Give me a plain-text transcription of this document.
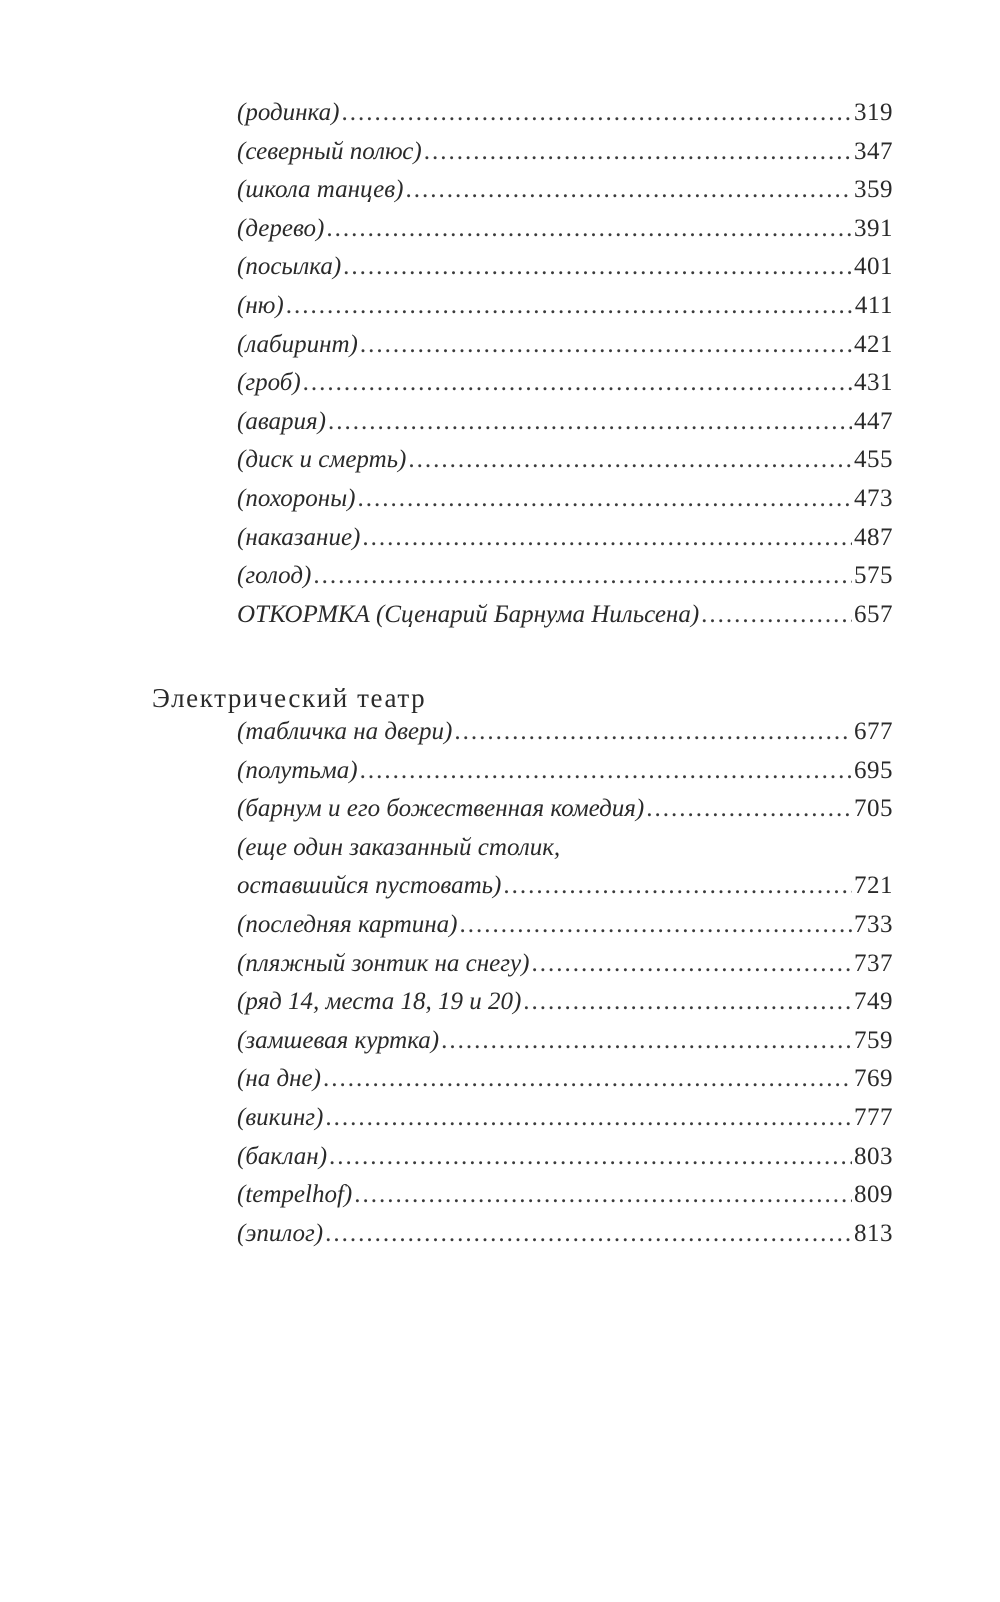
(родинка) .....	319
(северный полюс) .....	347
(школа танцев) .....	359
(дерево) .....	391
(посылка) .....	401
(ню) .....	411
(лабиринт) .....	421
(гроб) .....	431
(авария) .....	447
(диск и смерть) .....	455
(похороны) .....	473
(наказание) .....	487
(голод) .....	575
ОТКОРМКА (Сценарий Барнума Нильсена) .....	657
Электрический театр
(табличка на двери) .....	677
(полутьма) .....	695
(барнум и его божественная комедия) .....	705
(еще один заказанный столик,
оставшийся пустовать) .....	721
(последняя картина) .....	733
(пляжный зонтик на снегу) .....	737
(ряд 14, места 18, 19 и 20) .....	749
(замшевая куртка) .....	759
(на дне) .....	769
(викинг) .....	777
(баклан) .....	803
(tempelhof) .....	809
(эпилог) .....	813
